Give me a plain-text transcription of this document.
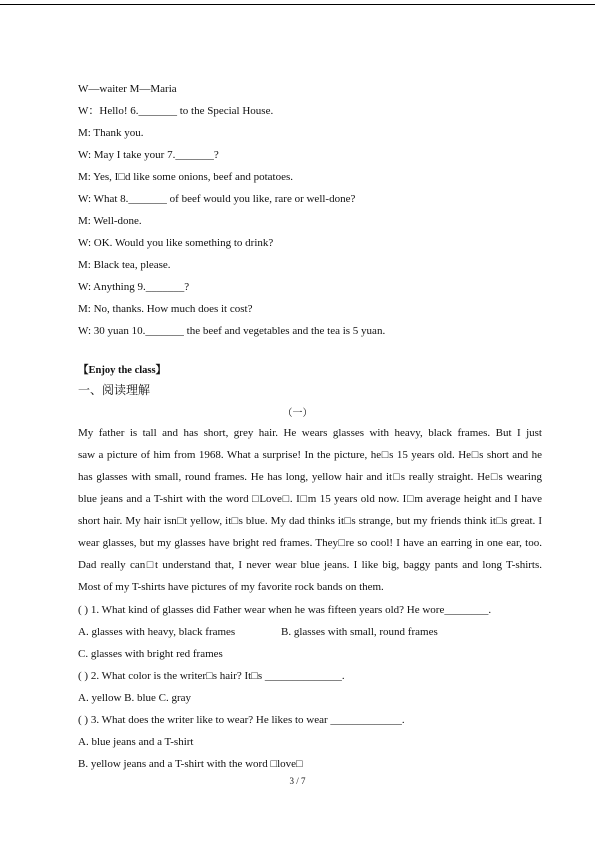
W—waiter M—Maria
W：Hello! 6._______ to the Special House.
M: Thank you.
W: May I take your 7._______?
M: Yes, I□d like some onions, beef and potatoes.
W: What 8._______ of beef would you like, rare or well-done?
M: Well-done.
W: OK. Would you like something to drink?
M: Black tea, please.
W: Anything 9._______?
M: No, thanks. How much does it cost?
W: 30 yuan 10._______ the beef and vegetables and the tea is 5 yuan.
【Enjoy the class】
一、阅读理解
（一）
My father is tall and has short, grey hair. He wears glasses with heavy, black frames. But I just
saw a picture of him from 1968. What a surprise! In the picture, he□s 15 years old. He□s short and he
has glasses with small, round frames. He has long, yellow hair and it□s really straight. He□s wearing
blue jeans and a T-shirt with the word □Love□. I□m 15 years old now. I□m average height and I have
short hair. My hair isn□t yellow, it□s blue. My dad thinks it□s strange, but my friends think it□s great. I
wear glasses, but my glasses have bright red frames. They□re so cool! I have an earring in one ear, too.
Dad really can□t understand that, I never wear blue jeans. I like big, baggy pants and long T-shirts.
Most of my T-shirts have pictures of my favorite rock bands on them.
( ) 1. What kind of glasses did Father wear when he was fifteen years old? He wore________.
A. glasses with heavy, black frames	B. glasses with small, round frames
C. glasses with bright red frames
( ) 2. What color is the writer□s hair? It□s ______________.
A. yellow B. blue C. gray
( ) 3. What does the writer like to wear? He likes to wear _____________.
A. blue jeans and a T-shirt
B. yellow jeans and a T-shirt with the word □love□
3 / 7
